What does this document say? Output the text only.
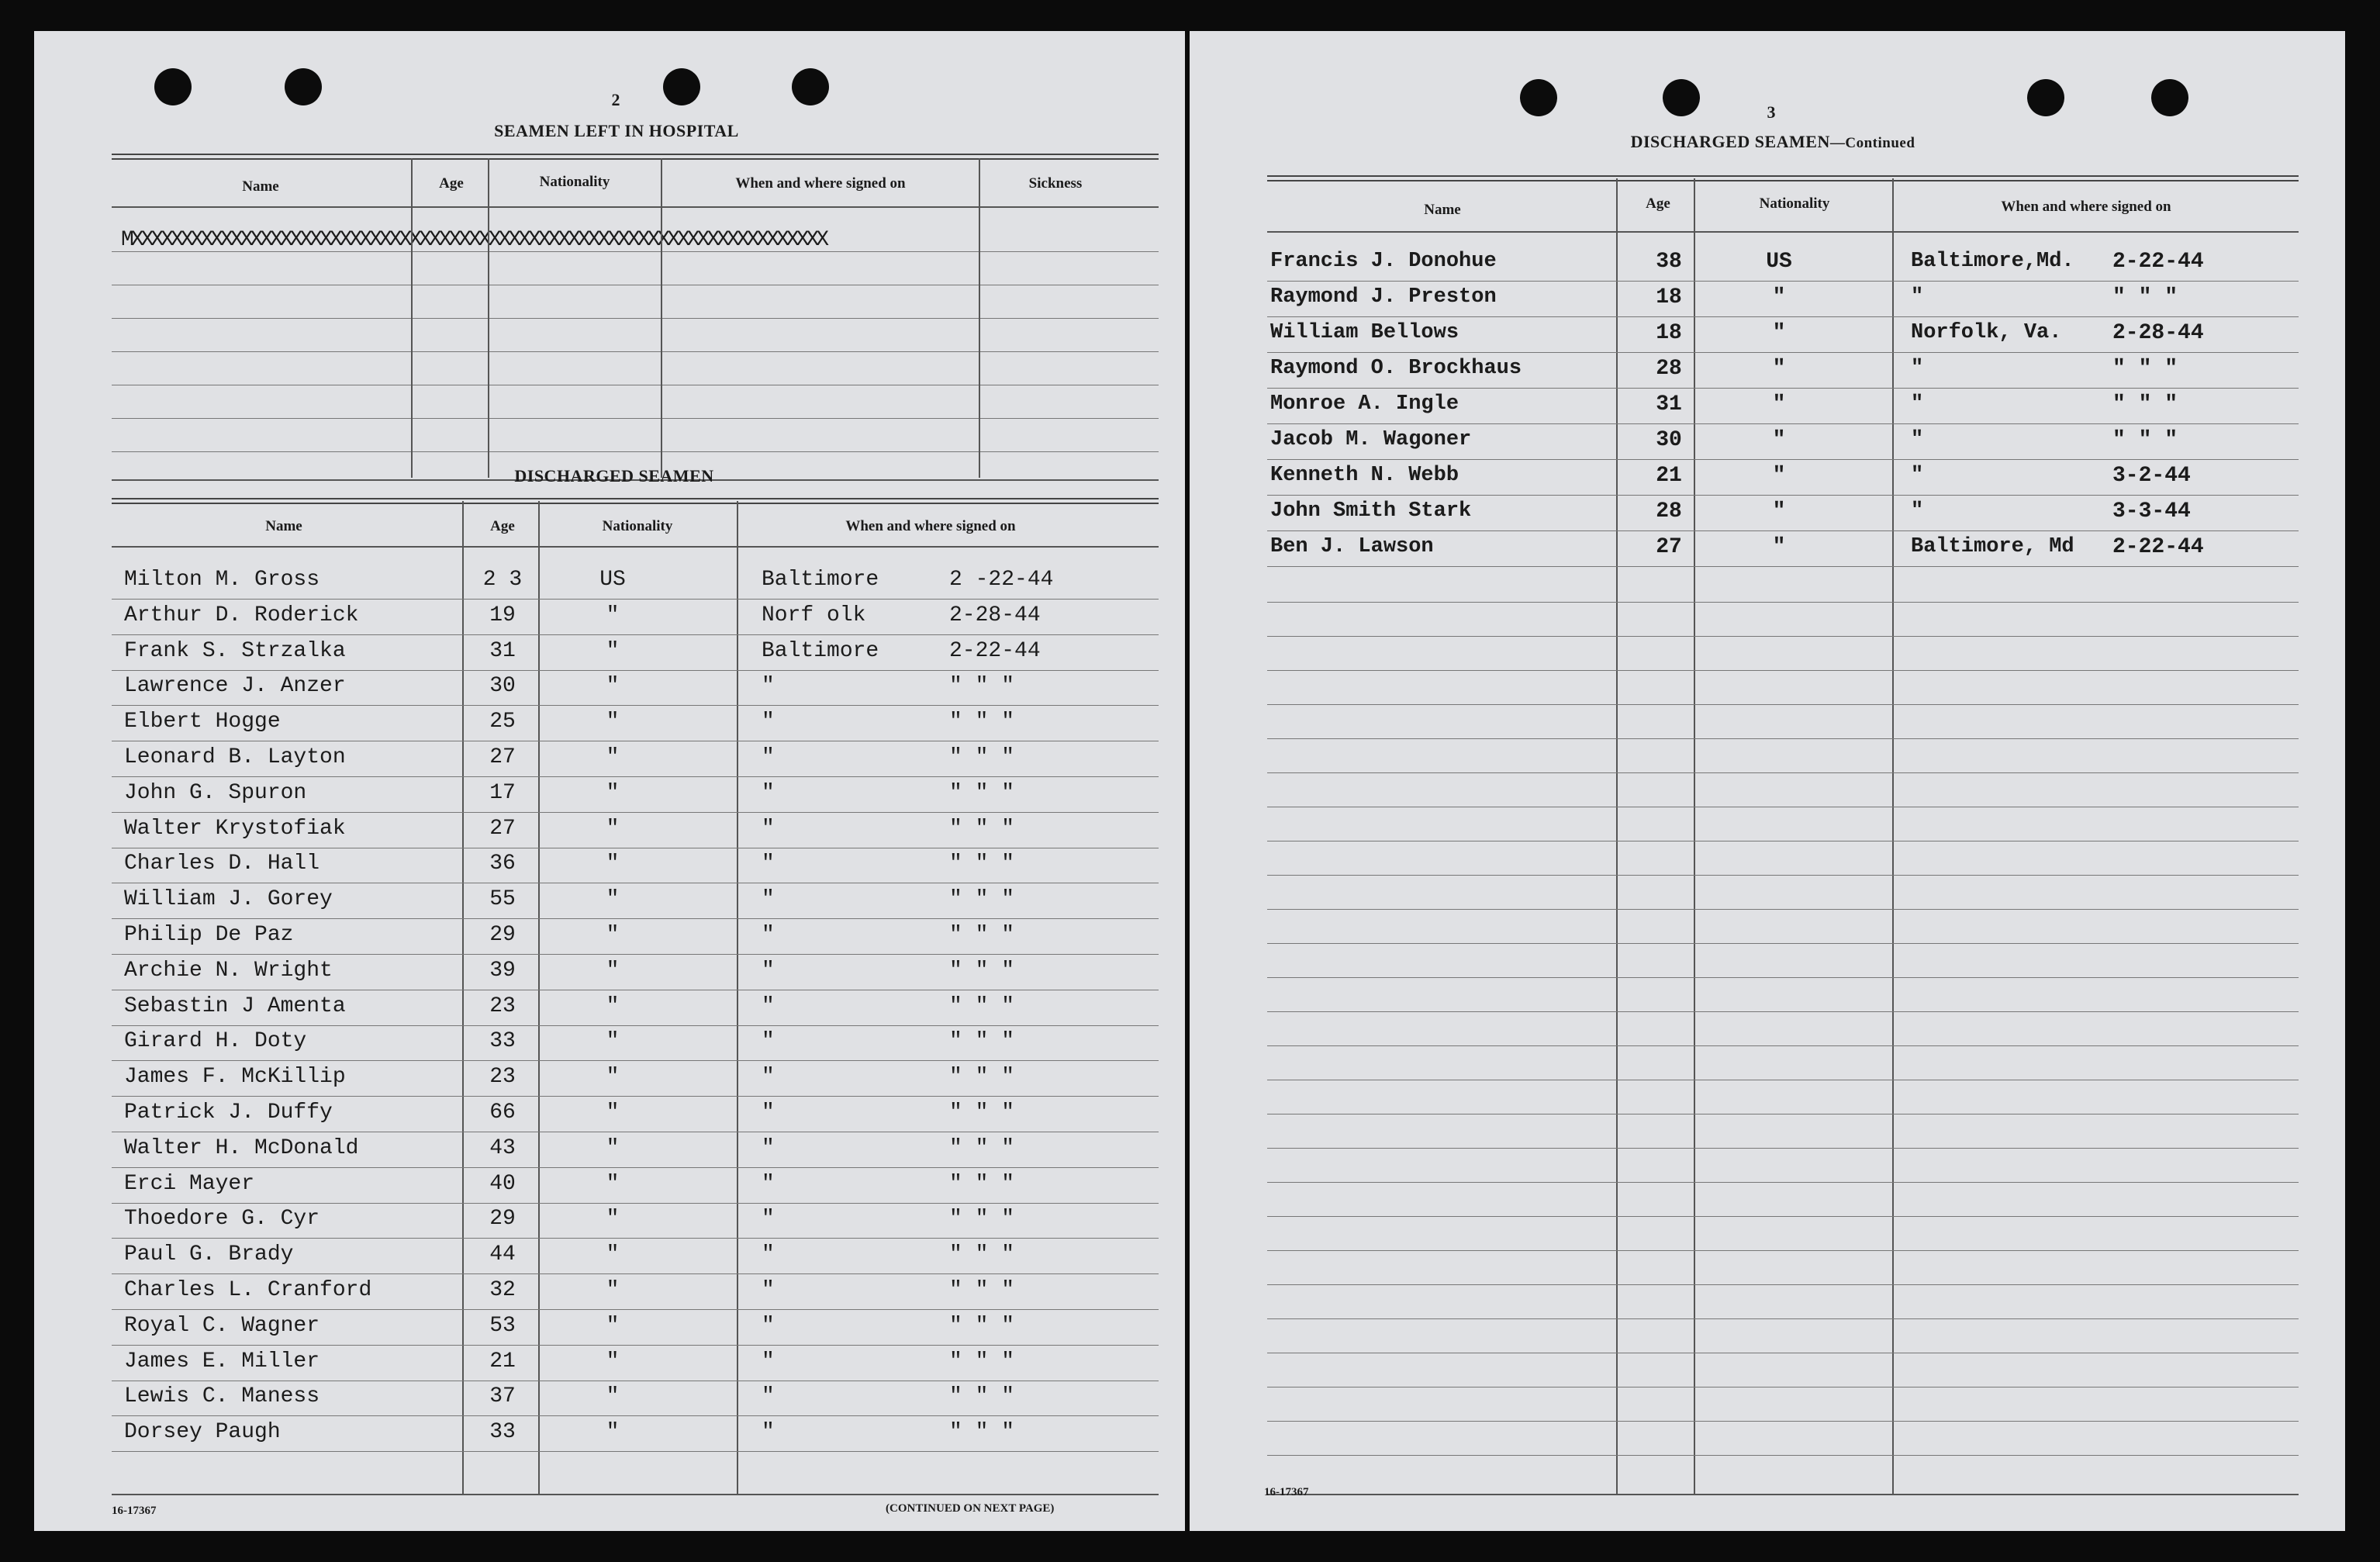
2
SEAMEN LEFT IN HOSPITAL
Name	Age	Nationality	When and where signed on	Sickness
MXXXXXXXXXXXXXXXXXXXXXXXXXXXXXXXXXXXXXXXXXXXXXXXXXXXXXXXXXXXXXXXXXXXXXX
DISCHARGED SEAMEN
Name	Age	Nationality	When and where signed on
Milton M. Gross	2 3	US	Baltimore	2 -22-44
Arthur D. Roderick	19	"	Norf olk	2-28-44
Frank S. Strzalka	31	"	Baltimore	2-22-44
Lawrence J. Anzer	30	"	"	" " "
Elbert Hogge	25	"	"	" " "
Leonard B. Layton	27	"	"	" " "
John G. Spuron	17	"	"	" " "
Walter Krystofiak	27	"	"	" " "
Charles D. Hall	36	"	"	" " "
William J. Gorey	55	"	"	" " "
Philip De Paz	29	"	"	" " "
Archie N. Wright	39	"	"	" " "
Sebastin J Amenta	23	"	"	" " "
Girard H. Doty	33	"	"	" " "
James F. McKillip	23	"	"	" " "
Patrick J. Duffy	66	"	"	" " "
Walter H. McDonald	43	"	"	" " "
Erci Mayer	40	"	"	" " "
Thoedore G. Cyr	29	"	"	" " "
Paul G. Brady	44	"	"	" " "
Charles L. Cranford	32	"	"	" " "
Royal C. Wagner	53	"	"	" " "
James E. Miller	21	"	"	" " "
Lewis C. Maness	37	"	"	" " "
Dorsey Paugh	33	"	"	" " "
16-17367	(CONTINUED ON NEXT PAGE)
3
DISCHARGED SEAMEN—Continued
Name	Age	Nationality	When and where signed on
Francis J. Donohue	38	US	Baltimore,Md. 2-22-44
Raymond J. Preston	18	"	"	" " "
William Bellows	18	"	Norfolk, Va. 2-28-44
Raymond O. Brockhaus	28	"	"	" " "
Monroe A. Ingle	31	"	"	" " "
Jacob M. Wagoner	30	"	"	" " "
Kenneth N. Webb	21	"	"	3-2-44
John Smith Stark	28	"	"	3-3-44
Ben J. Lawson	27	"	Baltimore, Md 2-22-44
16-17367
